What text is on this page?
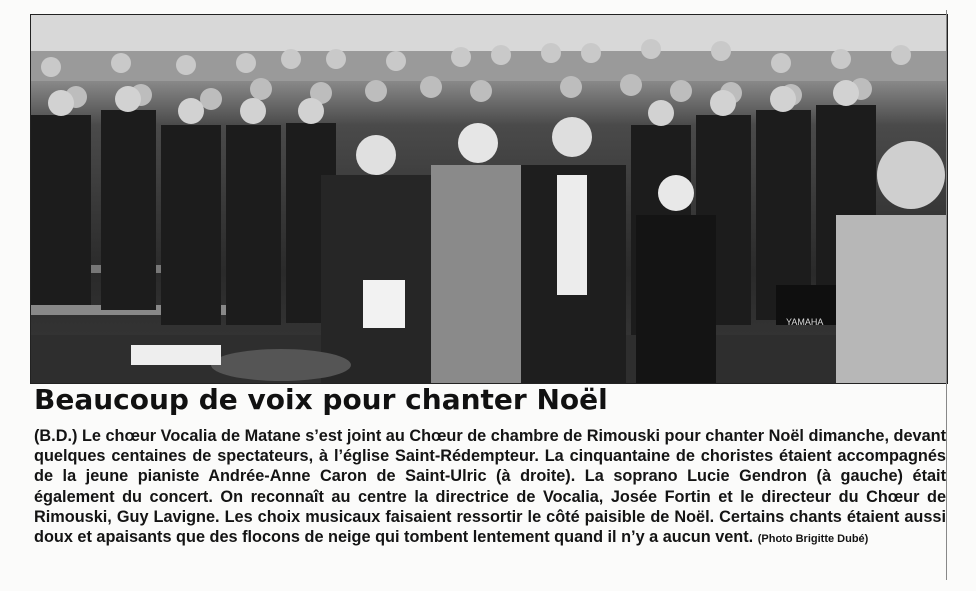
YAMAHA
Beaucoup de voix pour chanter Noël

(B.D.) Le chœur Vocalia de Matane s’est joint au Chœur de chambre de Rimouski pour chanter Noël dimanche, devant quelques centaines de spectateurs, à l’église Saint-Rédempteur. La cinquantaine de choristes étaient accompagnés de la jeune pianiste Andrée-Anne Caron de Saint-Ulric (à droite). La soprano Lucie Gendron (à gauche) était également du concert. On reconnaît au centre la directrice de Vocalia, Josée Fortin et le directeur du Chœur de Rimouski, Guy Lavigne. Les choix musicaux faisaient ressortir le côté paisible de Noël. Certains chants étaient aussi doux et apaisants que des flocons de neige qui tombent lentement quand il n’y a aucun vent. (Photo Brigitte Dubé)
